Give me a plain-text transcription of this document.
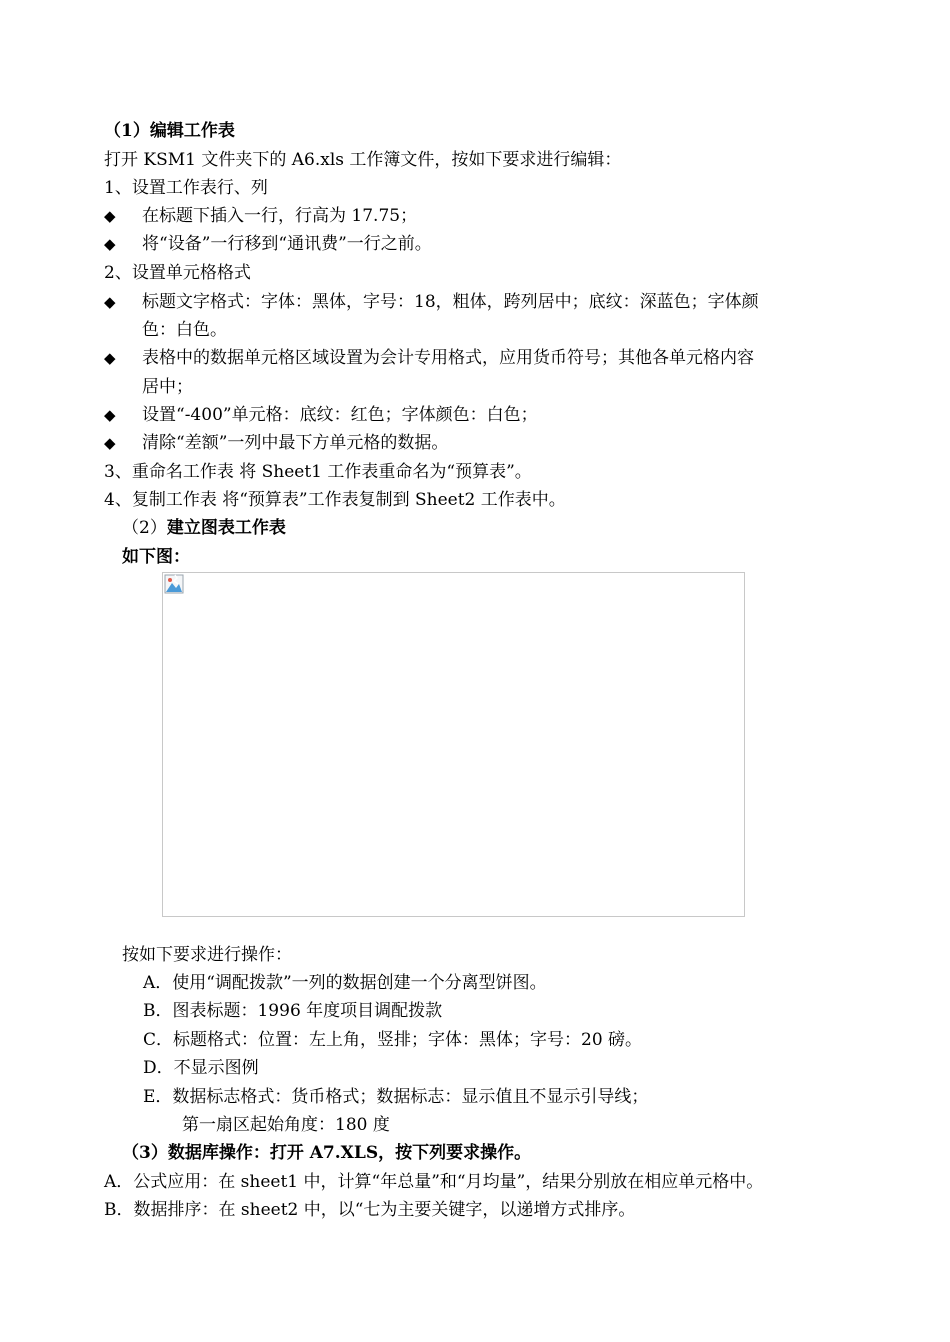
（1）编辑工作表
打开 KSM1 文件夹下的 A6.xls 工作簿文件，按如下要求进行编辑：
1、设置工作表行、列
◆ 在标题下插入一行，行高为 17.75；
◆ 将“设备”一行移到“通讯费”一行之前。
2、设置单元格格式
◆ 标题文字格式：字体：黑体，字号：18，粗体，跨列居中；底纹：深蓝色；字体颜
色：白色。
◆ 表格中的数据单元格区域设置为会计专用格式，应用货币符号；其他各单元格内容
居中；
◆ 设置“-400”单元格：底纹：红色；字体颜色：白色；
◆ 清除“差额”一列中最下方单元格的数据。
3、重命名工作表 将 Sheet1 工作表重命名为“预算表”。
4、复制工作表 将“预算表”工作表复制到 Sheet2 工作表中。
（2）建立图表工作表
如下图：
按如下要求进行操作：
A．使用“调配拨款”一列的数据创建一个分离型饼图。
B．图表标题：1996 年度项目调配拨款
C．标题格式：位置：左上角，竖排；字体：黑体；字号：20 磅。
D．不显示图例
E．数据标志格式：货币格式；数据标志：显示值且不显示引导线；
第一扇区起始角度：180 度
（3）数据库操作：打开 A7.XLS，按下列要求操作。
A．公式应用：在 sheet1 中，计算“年总量”和“月均量”，结果分别放在相应单元格中。
B．数据排序：在 sheet2 中，以“七为主要关键字，以递增方式排序。
